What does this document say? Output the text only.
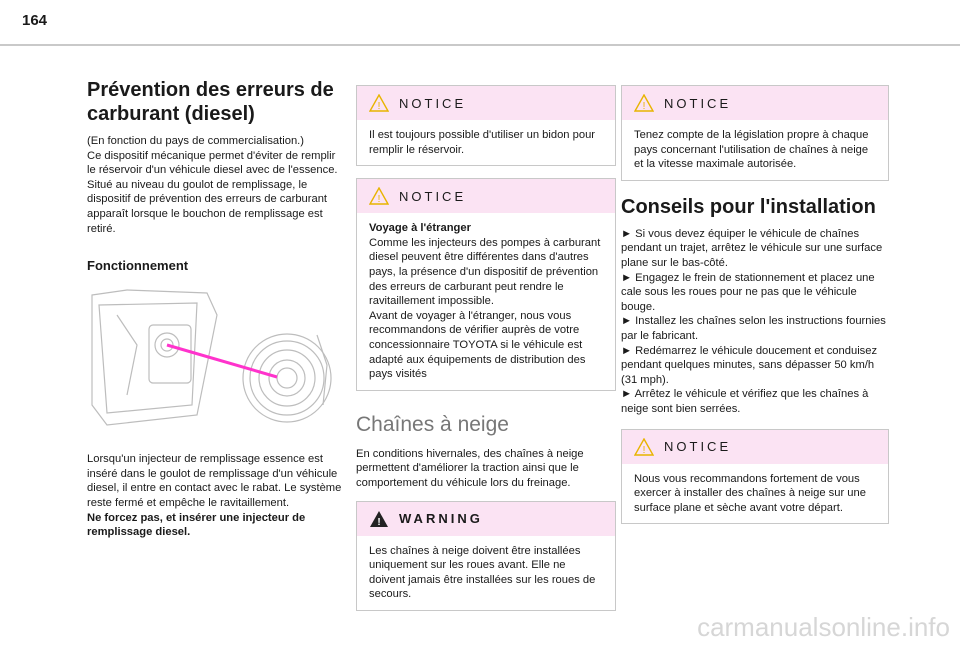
164
Prévention des erreurs de carburant (diesel)

(En fonction du pays de commercialisation.)

Ce dispositif mécanique permet d'éviter de remplir le réservoir d'un véhicule diesel avec de l'essence.

Situé au niveau du goulot de remplissage, le dispositif de prévention des erreurs de carburant apparaît lorsque le bouchon de remplissage est retiré.

Fonctionnement

Lorsqu'un injecteur de remplissage essence est inséré dans le goulot de remplissage d'un véhicule diesel, il entre en contact avec le rabat. Le système reste fermé et empêche le ravitaillement.

Ne forcez pas, et insérer une injecteur de remplissage diesel.

! NOTICE

Il est toujours possible d'utiliser un bidon pour remplir le réservoir.

! NOTICE

Voyage à l'étranger

Comme les injecteurs des pompes à carburant diesel peuvent être différentes dans d'autres pays, la présence d'un dispositif de prévention des erreurs de carburant peut rendre le ravitaillement impossible.

Avant de voyager à l'étranger, nous vous recommandons de vérifier auprès de votre concessionnaire TOYOTA si le véhicule est adapté aux équipements de distribution des pays visités

Chaînes à neige

En conditions hivernales, des chaînes à neige permettent d'améliorer la traction ainsi que le comportement du véhicule lors du freinage.

! WARNING

Les chaînes à neige doivent être installées uniquement sur les roues avant. Elle ne doivent jamais être installées sur les roues de secours.

! NOTICE

Tenez compte de la législation propre à chaque pays concernant l'utilisation de chaînes à neige et la vitesse maximale autorisée.

Conseils pour l'installation

► Si vous devez équiper le véhicule de chaînes pendant un trajet, arrêtez le véhicule sur une surface plane sur le bas-côté.

► Engagez le frein de stationnement et placez une cale sous les roues pour ne pas que le véhicule bouge.

► Installez les chaînes selon les instructions fournies par le fabricant.

► Redémarrez le véhicule doucement et conduisez pendant quelques minutes, sans dépasser 50 km/h (31 mph).

► Arrêtez le véhicule et vérifiez que les chaînes à neige sont bien serrées.

! NOTICE

Nous vous recommandons fortement de vous exercer à installer des chaînes à neige sur une surface plane et sèche avant votre départ.

carmanualsonline.info
